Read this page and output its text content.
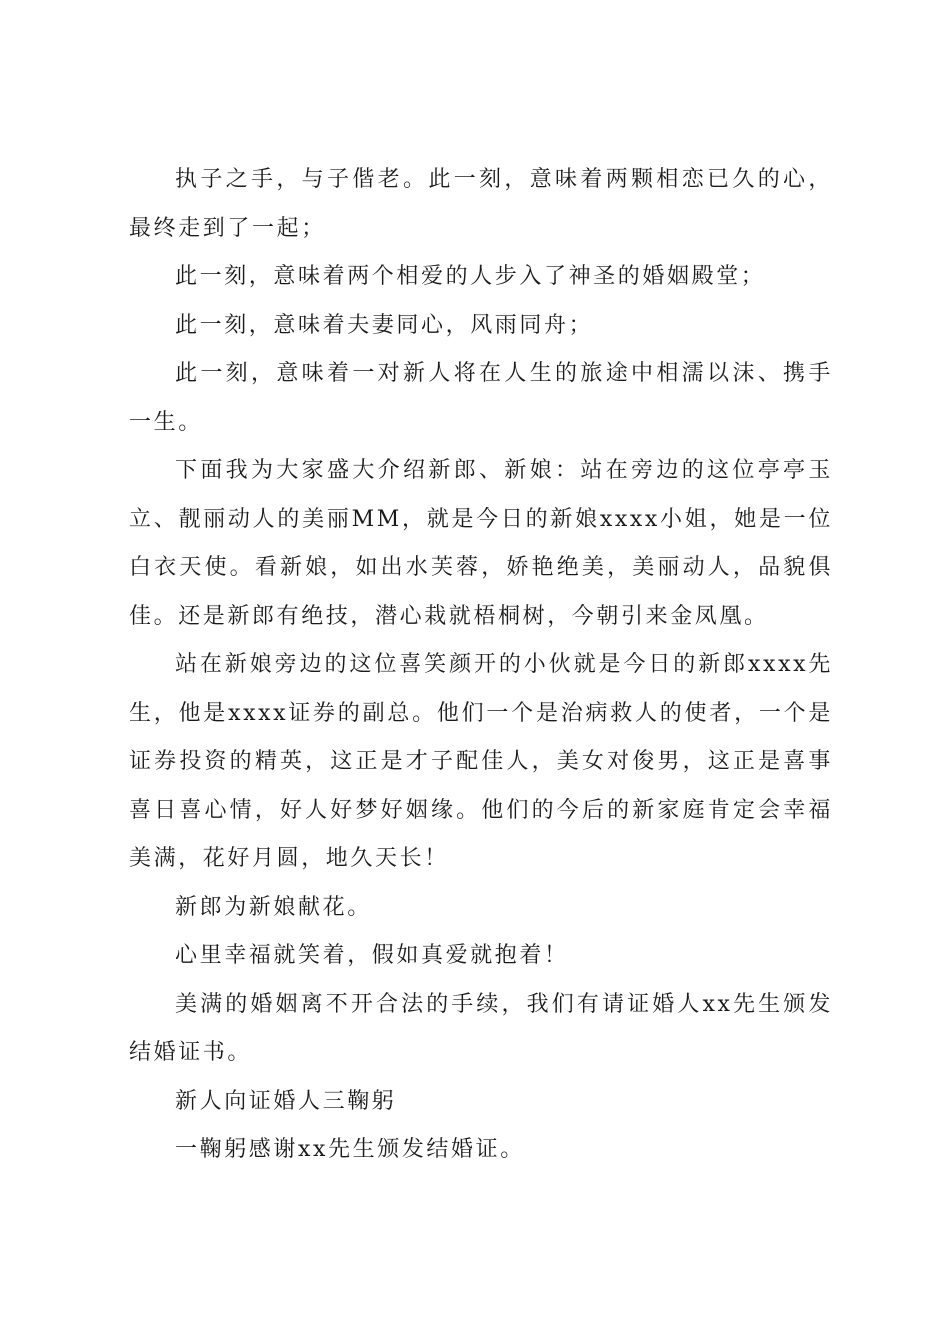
执子之手，与子偕老。此一刻，意味着两颗相恋已久的心，最终走到了一起；

此一刻，意味着两个相爱的人步入了神圣的婚姻殿堂；

此一刻，意味着夫妻同心，风雨同舟；

此一刻，意味着一对新人将在人生的旅途中相濡以沫、携手一生。

下面我为大家盛大介绍新郎、新娘：站在旁边的这位亭亭玉立、靓丽动人的美丽MM，就是今日的新娘xxxx小姐，她是一位白衣天使。看新娘，如出水芙蓉，娇艳绝美，美丽动人，品貌俱佳。还是新郎有绝技，潜心栽就梧桐树，今朝引来金凤凰。

站在新娘旁边的这位喜笑颜开的小伙就是今日的新郎xxxx先生，他是xxxx证券的副总。他们一个是治病救人的使者，一个是证券投资的精英，这正是才子配佳人，美女对俊男，这正是喜事喜日喜心情，好人好梦好姻缘。他们的今后的新家庭肯定会幸福美满，花好月圆，地久天长！

新郎为新娘献花。

心里幸福就笑着，假如真爱就抱着！

美满的婚姻离不开合法的手续，我们有请证婚人xx先生颁发结婚证书。

新人向证婚人三鞠躬

一鞠躬感谢xx先生颁发结婚证。
